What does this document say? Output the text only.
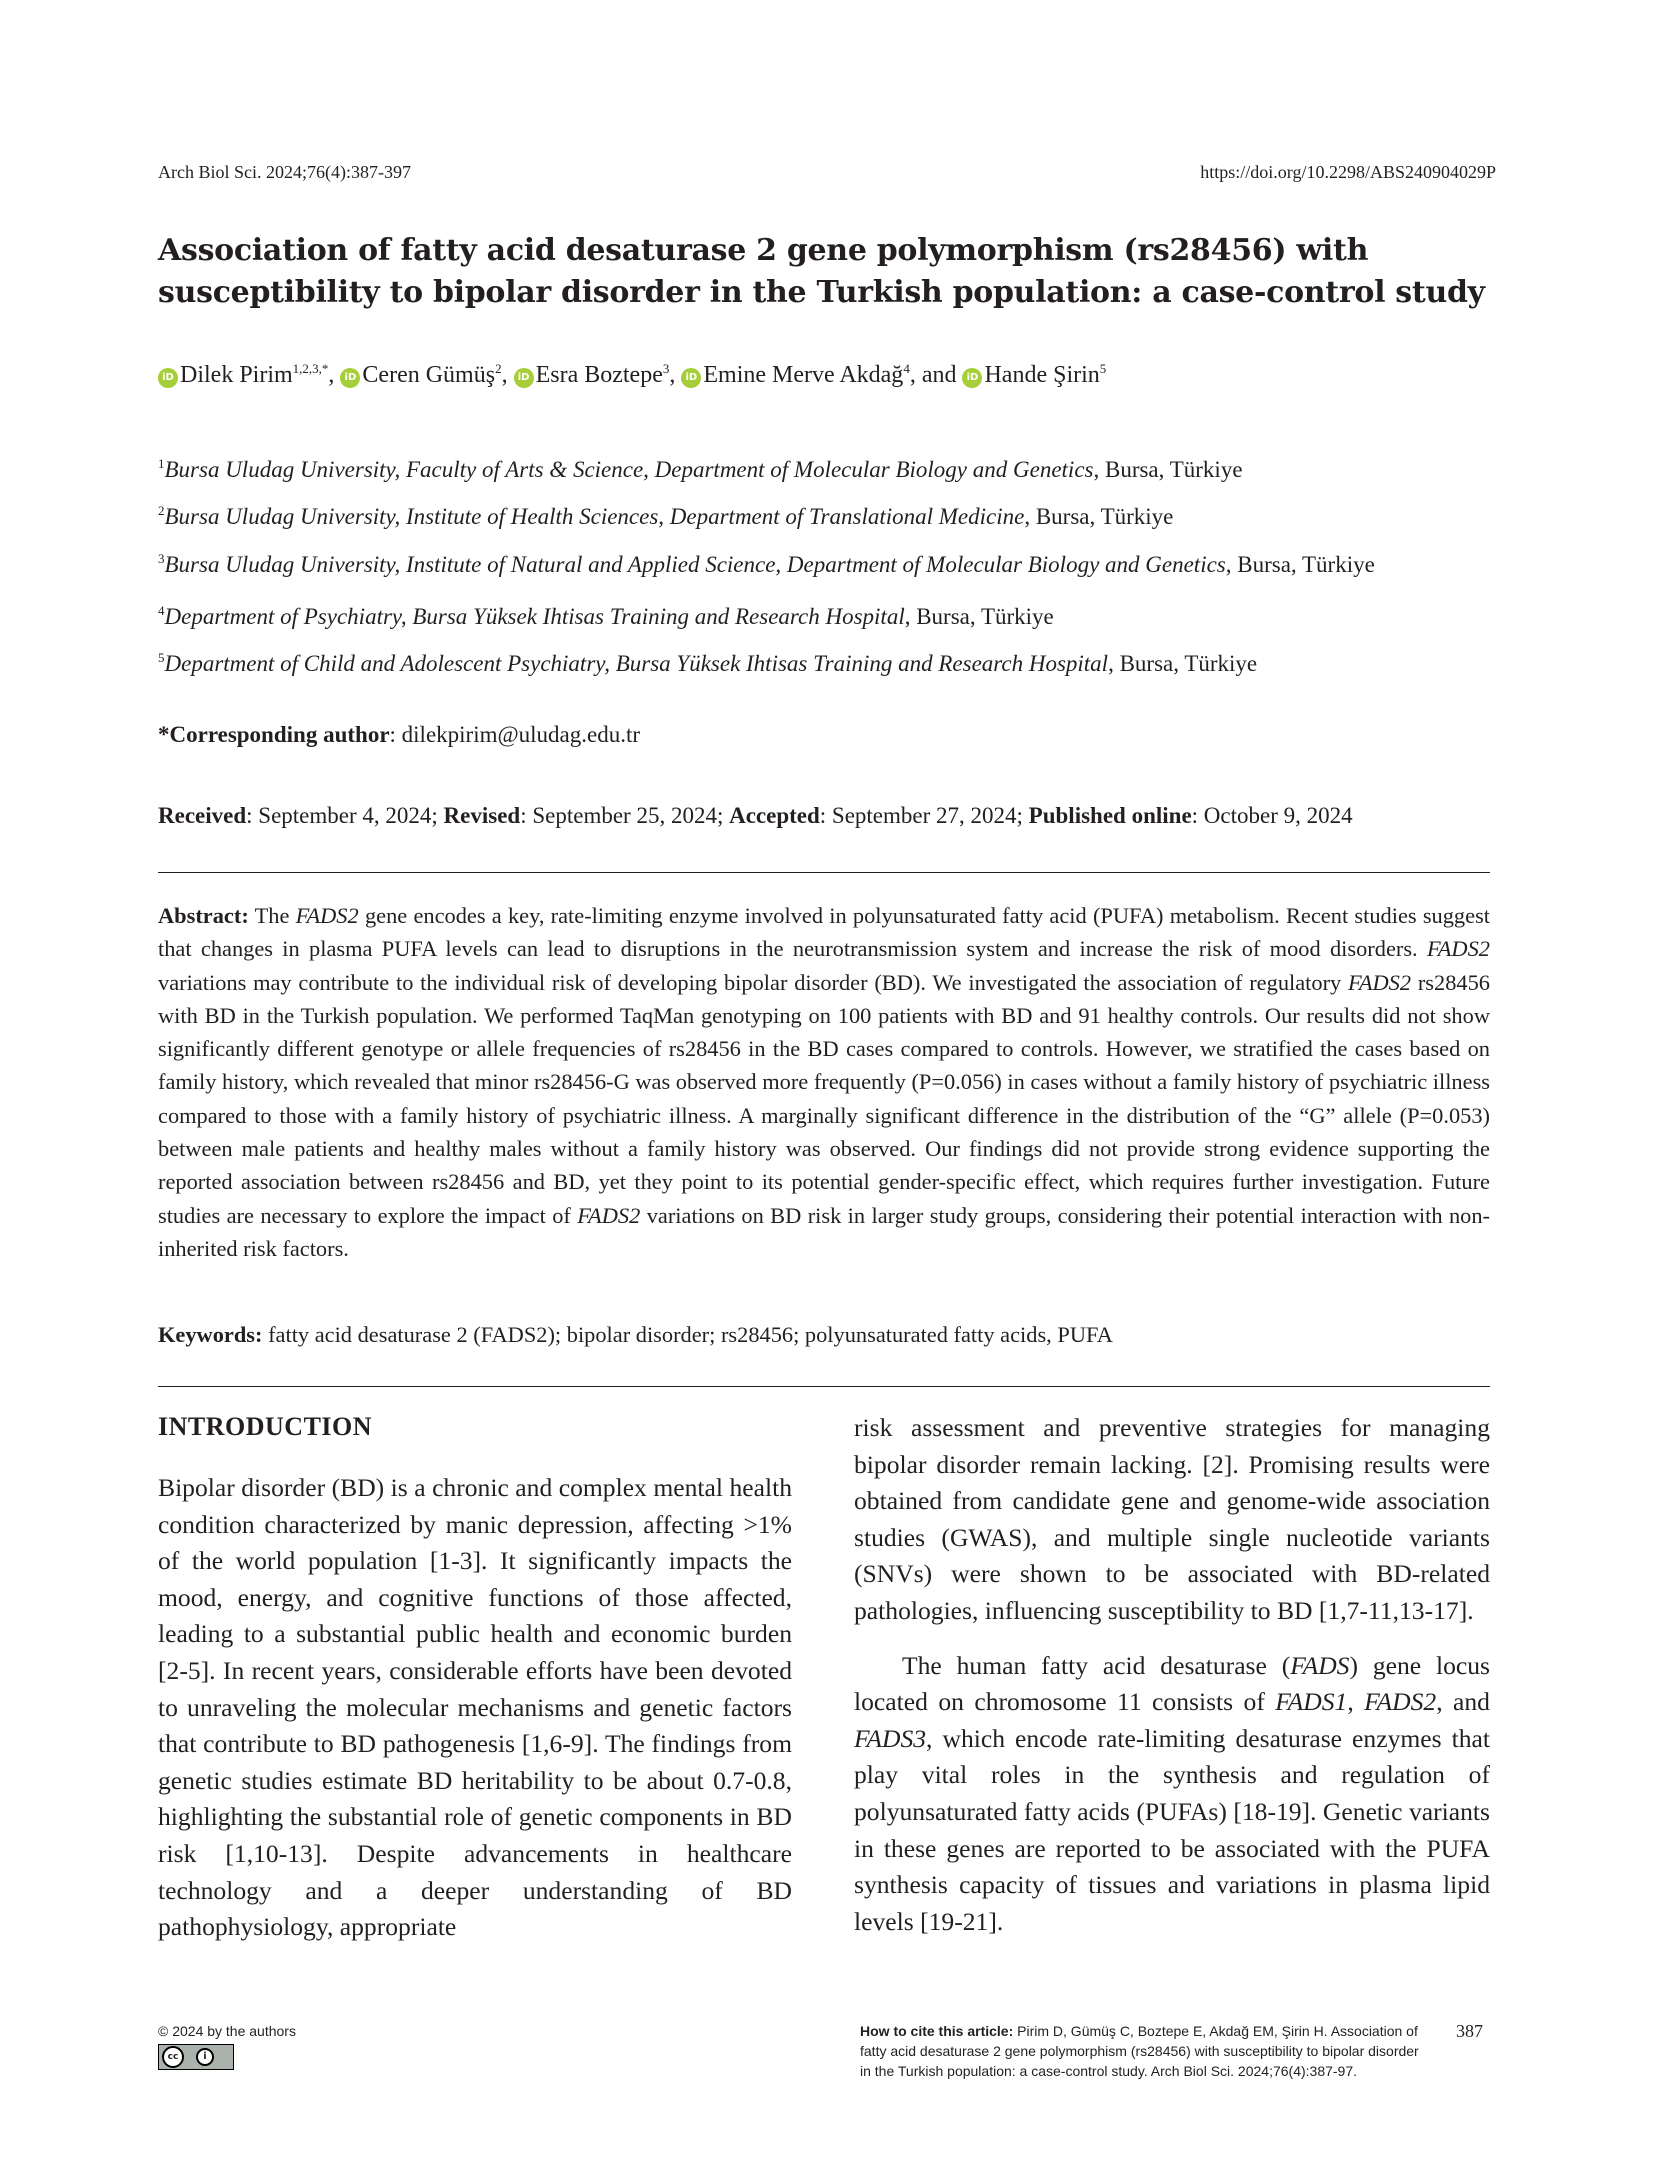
Arch Biol Sci. 2024;76(4):387-397	https://doi.org/10.2298/ABS240904029P
Association of fatty acid desaturase 2 gene polymorphism (rs28456) with susceptibility to bipolar disorder in the Turkish population: a case-control study
iD Dilek Pirim$^{1,2,3,*}$, iD Ceren Gümüş$^2$, iD Esra Boztepe$^3$, iD Emine Merve Akdağ$^4$, and iD Hande Şirin$^5$
$^1$Bursa Uludag University, Faculty of Arts & Science, Department of Molecular Biology and Genetics, Bursa, Türkiye
$^2$Bursa Uludag University, Institute of Health Sciences, Department of Translational Medicine, Bursa, Türkiye
$^3$Bursa Uludag University, Institute of Natural and Applied Science, Department of Molecular Biology and Genetics, Bursa, Türkiye
$^4$Department of Psychiatry, Bursa Yüksek Ihtisas Training and Research Hospital, Bursa, Türkiye
$^5$Department of Child and Adolescent Psychiatry, Bursa Yüksek Ihtisas Training and Research Hospital, Bursa, Türkiye
*Corresponding author: dilekpirim@uludag.edu.tr
Received: September 4, 2024; Revised: September 25, 2024; Accepted: September 27, 2024; Published online: October 9, 2024
Abstract: The FADS2 gene encodes a key, rate-limiting enzyme involved in polyunsaturated fatty acid (PUFA) metabolism. Recent studies suggest that changes in plasma PUFA levels can lead to disruptions in the neurotransmission system and increase the risk of mood disorders. FADS2 variations may contribute to the individual risk of developing bipolar disorder (BD). We investigated the association of regulatory FADS2 rs28456 with BD in the Turkish population. We performed TaqMan genotyping on 100 patients with BD and 91 healthy controls. Our results did not show significantly different genotype or allele frequencies of rs28456 in the BD cases compared to controls. However, we stratified the cases based on family history, which revealed that minor rs28456-G was observed more frequently (P=0.056) in cases without a family history of psychiatric illness compared to those with a family history of psychiatric illness. A marginally significant difference in the distribution of the “G” allele (P=0.053) between male patients and healthy males without a family history was observed. Our findings did not provide strong evidence supporting the reported association between rs28456 and BD, yet they point to its potential gender-specific effect, which requires further investigation. Future studies are necessary to explore the impact of FADS2 variations on BD risk in larger study groups, considering their potential interaction with non-inherited risk factors.
Keywords: fatty acid desaturase 2 (FADS2); bipolar disorder; rs28456; polyunsaturated fatty acids, PUFA
INTRODUCTION
Bipolar disorder (BD) is a chronic and complex mental health condition characterized by manic depression, affecting >1% of the world population [1-3]. It significantly impacts the mood, energy, and cognitive functions of those affected, leading to a substantial public health and economic burden [2-5]. In recent years, considerable efforts have been devoted to unraveling the molecular mechanisms and genetic factors that contribute to BD pathogenesis [1,6-9]. The findings from genetic studies estimate BD heritability to be about 0.7-0.8, highlighting the substantial role of genetic components in BD risk [1,10-13]. Despite advancements in healthcare technology and a deeper understanding of BD pathophysiology, appropriate
risk assessment and preventive strategies for managing bipolar disorder remain lacking. [2]. Promising results were obtained from candidate gene and genome-wide association studies (GWAS), and multiple single nucleotide variants (SNVs) were shown to be associated with BD-related pathologies, influencing susceptibility to BD [1,7-11,13-17].
The human fatty acid desaturase (FADS) gene locus located on chromosome 11 consists of FADS1, FADS2, and FADS3, which encode rate-limiting desaturase enzymes that play vital roles in the synthesis and regulation of polyunsaturated fatty acids (PUFAs) [18-19]. Genetic variants in these genes are reported to be associated with the PUFA synthesis capacity of tissues and variations in plasma lipid levels [19-21].
© 2024 by the authors
cc	i
How to cite this article: Pirim D, Gümüş C, Boztepe E, Akdağ EM, Şirin H. Association of fatty acid desaturase 2 gene polymorphism (rs28456) with susceptibility to bipolar disorder in the Turkish population: a case-control study. Arch Biol Sci. 2024;76(4):387-97.
387
